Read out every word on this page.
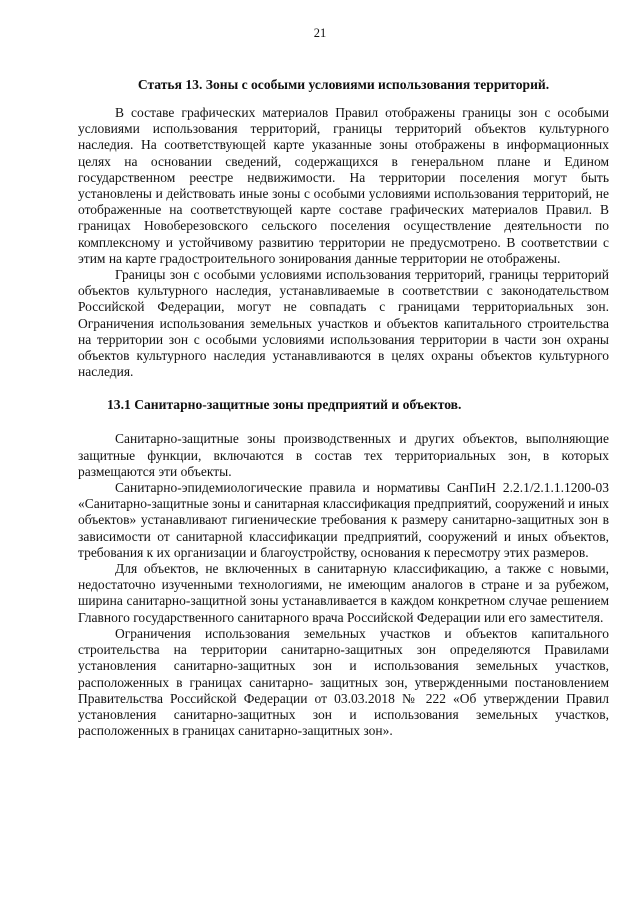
21
Статья 13. Зоны с особыми условиями использования территорий.

В составе графических материалов Правил отображены границы зон с особыми условиями использования территорий, границы территорий объектов культурного наследия. На соответствующей карте указанные зоны отображены в информационных целях на основании сведений, содержащихся в генеральном плане и Едином государственном реестре недвижимости. На территории поселения могут быть установлены и действовать иные зоны с особыми условиями использования территорий, не отображенные на соответствующей карте составе графических материалов Правил. В границах Новоберезовского сельского поселения осуществление деятельности по комплексному и устойчивому развитию территории не предусмотрено. В соответствии с этим на карте градостроительного зонирования данные территории не отображены.

Границы зон с особыми условиями использования территорий, границы территорий объектов культурного наследия, устанавливаемые в соответствии с законодательством Российской Федерации, могут не совпадать с границами территориальных зон. Ограничения использования земельных участков и объектов капитального строительства на территории зон с особыми условиями использования территории в части зон охраны объектов культурного наследия устанавливаются в целях охраны объектов культурного наследия.

13.1 Санитарно-защитные зоны предприятий и объектов.

Санитарно-защитные зоны производственных и других объектов, выполняющие защитные функции, включаются в состав тех территориальных зон, в которых размещаются эти объекты.

Санитарно-эпидемиологические правила и нормативы СанПиН 2.2.1/2.1.1.1200-03 «Санитарно-защитные зоны и санитарная классификация предприятий, сооружений и иных объектов» устанавливают гигиенические требования к размеру санитарно-защитных зон в зависимости от санитарной классификации предприятий, сооружений и иных объектов, требования к их организации и благоустройству, основания к пересмотру этих размеров.

Для объектов, не включенных в санитарную классификацию, а также с новыми, недостаточно изученными технологиями, не имеющим аналогов в стране и за рубежом, ширина санитарно-защитной зоны устанавливается в каждом конкретном случае решением Главного государственного санитарного врача Российской Федерации или его заместителя.

Ограничения использования земельных участков и объектов капитального строительства на территории санитарно-защитных зон определяются Правилами установления санитарно-защитных зон и использования земельных участков, расположенных в границах санитарно- защитных зон, утвержденными постановлением Правительства Российской Федерации от 03.03.2018 № 222 «Об утверждении Правил установления санитарно-защитных зон и использования земельных участков, расположенных в границах санитарно-защитных зон».
